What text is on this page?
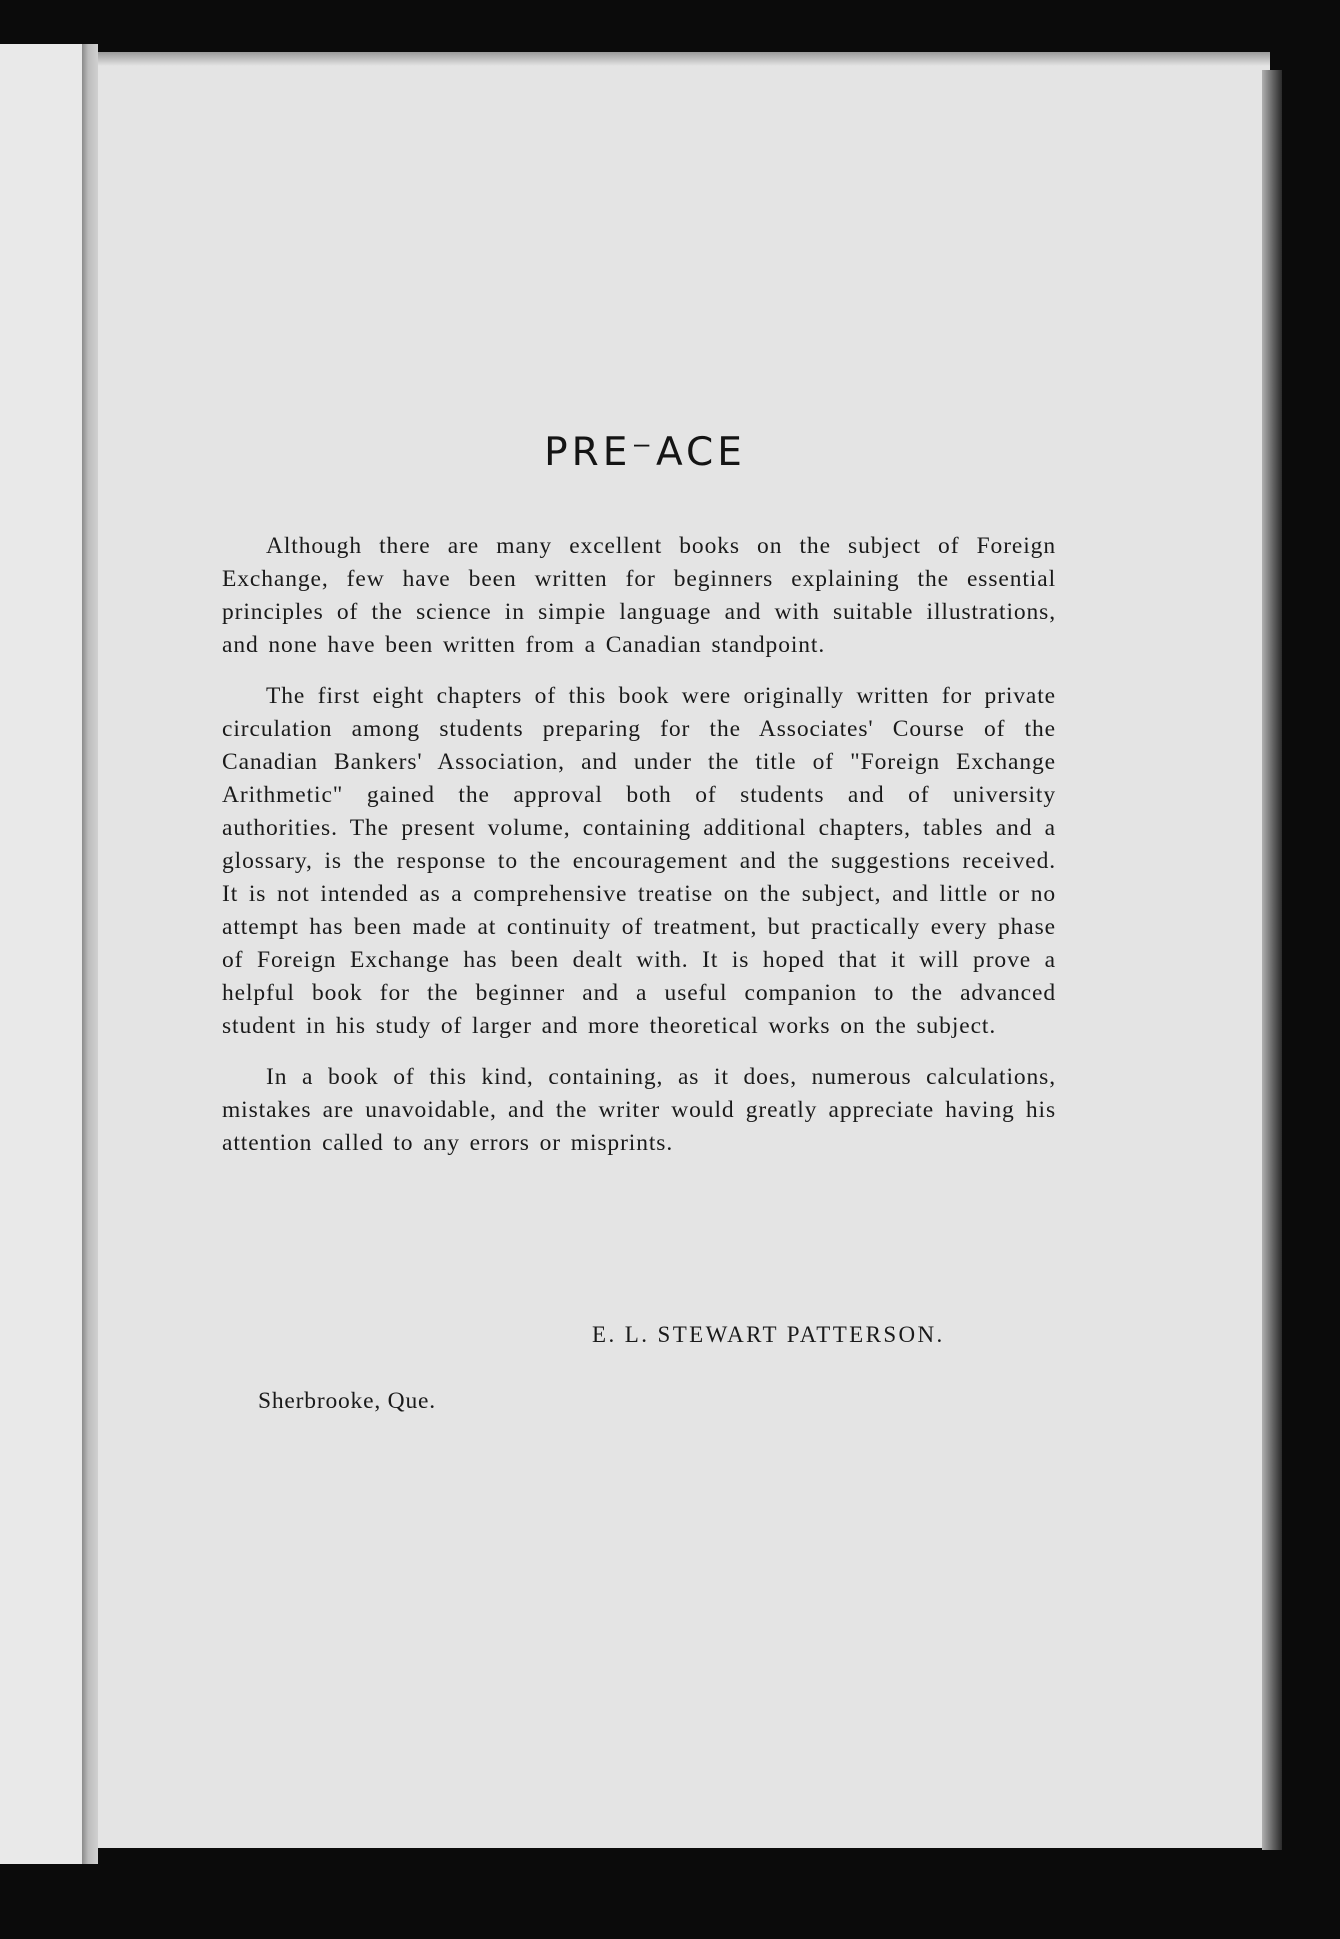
PRE⁻ACE

Although there are many excellent books on the subject of Foreign Exchange, few have been written for beginners explaining the essential principles of the science in simpie language and with suitable illustrations, and none have been written from a Canadian standpoint.

The first eight chapters of this book were originally written for private circulation among students preparing for the Associates' Course of the Canadian Bankers' Association, and under the title of "Foreign Exchange Arithmetic" gained the approval both of students and of university authorities. The present volume, containing additional chapters, tables and a glossary, is the response to the encouragement and the suggestions received. It is not intended as a comprehensive treatise on the subject, and little or no attempt has been made at continuity of treatment, but practically every phase of Foreign Exchange has been dealt with. It is hoped that it will prove a helpful book for the beginner and a useful companion to the advanced student in his study of larger and more theoretical works on the subject.

In a book of this kind, containing, as it does, numerous calculations, mistakes are unavoidable, and the writer would greatly appreciate having his attention called to any errors or misprints.

E. L. STEWART PATTERSON.
Sherbrooke, Que.
